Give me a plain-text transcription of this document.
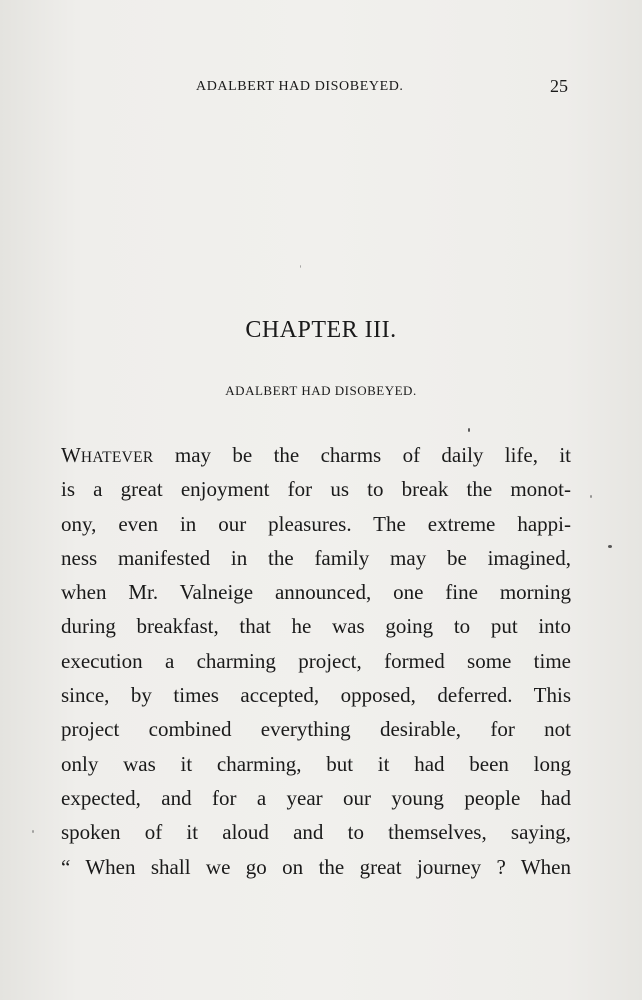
ADALBERT HAD DISOBEYED.	25
CHAPTER III.
ADALBERT HAD DISOBEYED.
WHATEVER may be the charms of daily life, it
is a great enjoyment for us to break the monot-
ony, even in our pleasures. The extreme happi-
ness manifested in the family may be imagined,
when Mr. Valneige announced, one fine morning
during breakfast, that he was going to put into
execution a charming project, formed some time
since, by times accepted, opposed, deferred. This
project combined everything desirable, for not
only was it charming, but it had been long
expected, and for a year our young people had
spoken of it aloud and to themselves, saying,
“ When shall we go on the great journey ? When
